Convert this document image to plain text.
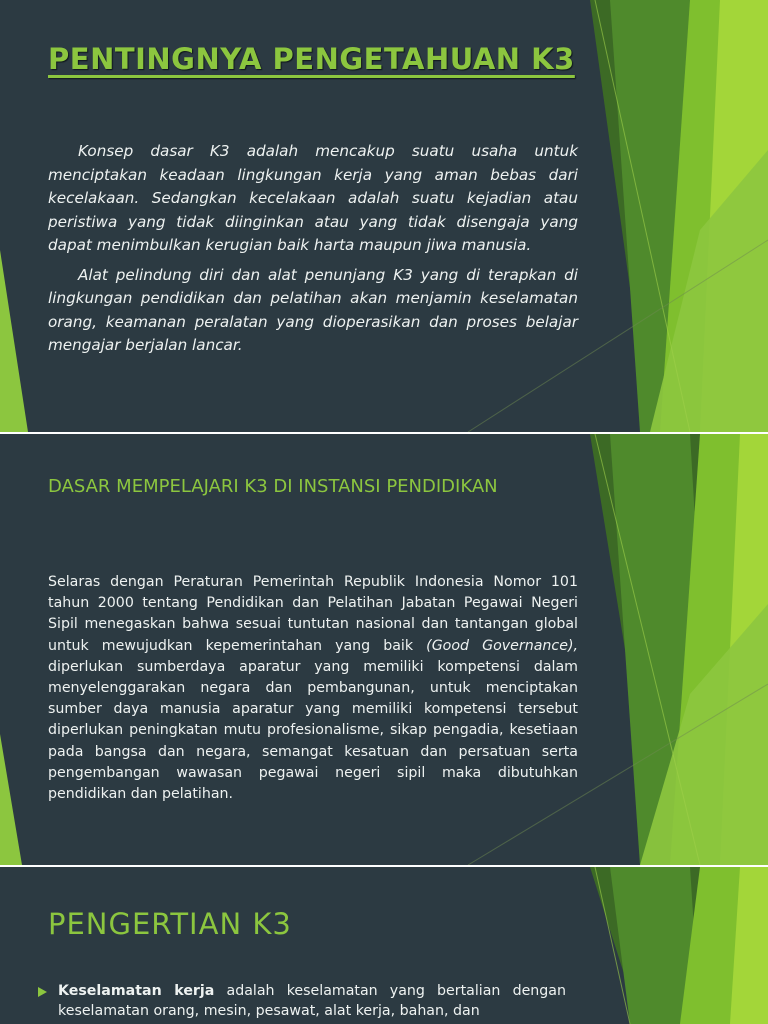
PENTINGNYA PENGETAHUAN K3

Konsep dasar K3 adalah mencakup suatu usaha untuk menciptakan keadaan lingkungan kerja yang aman bebas dari kecelakaan. Sedangkan kecelakaan adalah suatu kejadian atau peristiwa yang tidak diinginkan atau yang tidak disengaja yang dapat menimbulkan kerugian baik harta maupun jiwa manusia.

Alat pelindung diri dan alat penunjang K3 yang di terapkan di lingkungan pendidikan dan pelatihan akan menjamin keselamatan orang, keamanan peralatan yang dioperasikan dan proses belajar mengajar berjalan lancar.

DASAR MEMPELAJARI K3 DI INSTANSI PENDIDIKAN

Selaras dengan Peraturan Pemerintah Republik Indonesia Nomor 101 tahun 2000 tentang Pendidikan dan Pelatihan Jabatan Pegawai Negeri Sipil menegaskan bahwa sesuai tuntutan nasional dan tantangan global untuk mewujudkan kepemerintahan yang baik (Good Governance), diperlukan sumberdaya aparatur yang memiliki kompetensi dalam menyelenggarakan negara dan pembangunan, untuk menciptakan sumber daya manusia aparatur yang memiliki kompetensi tersebut diperlukan peningkatan mutu profesionalisme, sikap pengadia, kesetiaan pada bangsa dan negara, semangat kesatuan dan persatuan serta pengembangan wawasan pegawai negeri sipil maka dibutuhkan pendidikan dan pelatihan.

PENGERTIAN K3
Keselamatan kerja adalah keselamatan yang bertalian dengan keselamatan orang, mesin, pesawat, alat kerja, bahan, dan
